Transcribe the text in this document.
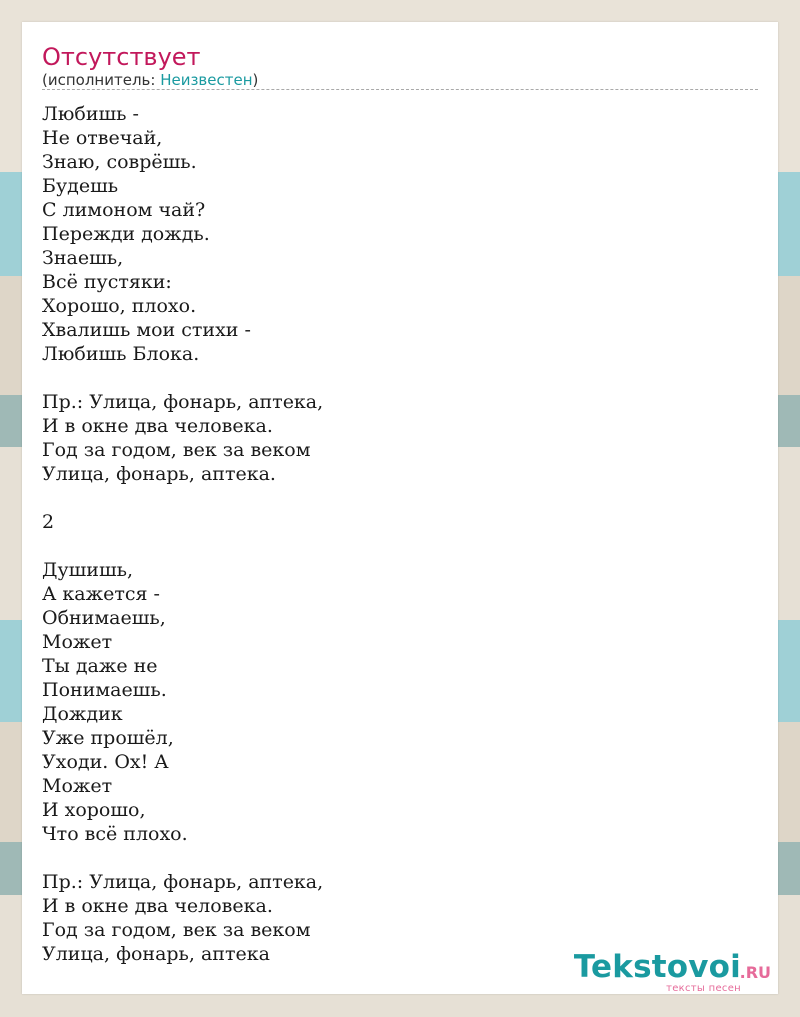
Отсутствует
(исполнитель: Неизвестен)
Любишь -
Не отвечай,
Знаю, соврёшь.
Будешь
С лимоном чай?
Пережди дождь.
Знаешь,
Всё пустяки:
Хорошо, плохо.
Хвалишь мои стихи -
Любишь Блока.

Пр.: Улица, фонарь, аптека,
И в окне два человека.
Год за годом, век за веком
Улица, фонарь, аптека.

2

Душишь,
А кажется -
Обнимаешь,
Может
Ты даже не
Понимаешь.
Дождик
Уже прошёл,
Уходи. Ох! А
Может
И хорошо,
Что всё плохо.

Пр.: Улица, фонарь, аптека,
И в окне два человека.
Год за годом, век за веком
Улица, фонарь, аптека	Tekstovoi
.RU
тексты песен
